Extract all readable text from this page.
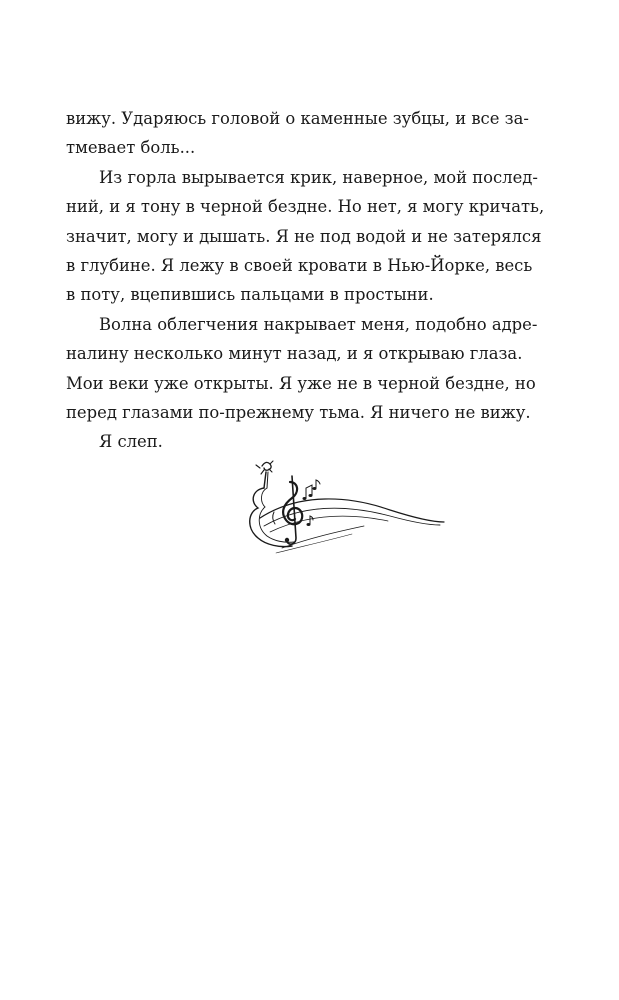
вижу. Ударяюсь головой о каменные зубцы, и все за-
тмевает боль...
Из горла вырывается крик, наверное, мой послед-
ний, и я тону в черной бездне. Но нет, я могу кричать,
значит, могу и дышать. Я не под водой и не затерялся
в глубине. Я лежу в своей кровати в Нью-Йорке, весь
в поту, вцепившись пальцами в простыни.
Волна облегчения накрывает меня, подобно адре-
налину несколько минут назад, и я открываю глаза.
Мои веки уже открыты. Я уже не в черной бездне, но
перед глазами по-прежнему тьма. Я ничего не вижу.
Я слеп.
